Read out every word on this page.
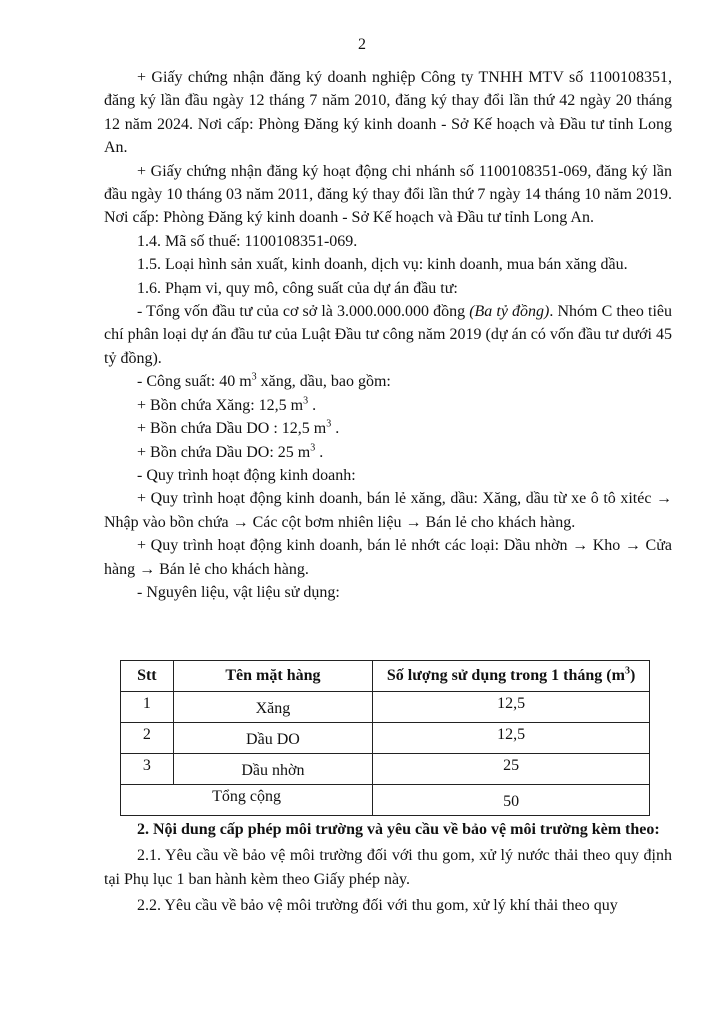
2

+ Giấy chứng nhận đăng ký doanh nghiệp Công ty TNHH MTV số 1100108351, đăng ký lần đầu ngày 12 tháng 7 năm 2010, đăng ký thay đổi lần thứ 42 ngày 20 tháng 12 năm 2024. Nơi cấp: Phòng Đăng ký kinh doanh - Sở Kế hoạch và Đầu tư tỉnh Long An.

+ Giấy chứng nhận đăng ký hoạt động chi nhánh số 1100108351-069, đăng ký lần đầu ngày 10 tháng 03 năm 2011, đăng ký thay đổi lần thứ 7 ngày 14 tháng 10 năm 2019. Nơi cấp: Phòng Đăng ký kinh doanh - Sở Kế hoạch và Đầu tư tỉnh Long An.

1.4. Mã số thuế: 1100108351-069.

1.5. Loại hình sản xuất, kinh doanh, dịch vụ: kinh doanh, mua bán xăng dầu.

1.6. Phạm vi, quy mô, công suất của dự án đầu tư:

- Tổng vốn đầu tư của cơ sở là 3.000.000.000 đồng (Ba tỷ đồng). Nhóm C theo tiêu chí phân loại dự án đầu tư của Luật Đầu tư công năm 2019 (dự án có vốn đầu tư dưới 45 tỷ đồng).

- Công suất: 40 $m^3$ xăng, dầu, bao gồm:

+ Bồn chứa Xăng: 12,5 $m^3$ .

+ Bồn chứa Dầu DO : 12,5 $m^3$ .

+ Bồn chứa Dầu DO: 25 $m^3$ .

- Quy trình hoạt động kinh doanh:

+ Quy trình hoạt động kinh doanh, bán lẻ xăng, dầu: Xăng, dầu từ xe ô tô xitéc → Nhập vào bồn chứa → Các cột bơm nhiên liệu → Bán lẻ cho khách hàng.

+ Quy trình hoạt động kinh doanh, bán lẻ nhớt các loại: Dầu nhờn → Kho → Cửa hàng → Bán lẻ cho khách hàng.

- Nguyên liệu, vật liệu sử dụng:

Stt	Tên mặt hàng	Số lượng sử dụng trong 1 tháng $(m^3)$

1	Xăng	12,5

2	Dầu DO	12,5

3	Dầu nhờn	25

Tổng cộng		50

2. Nội dung cấp phép môi trường và yêu cầu về bảo vệ môi trường kèm theo:

2.1. Yêu cầu về bảo vệ môi trường đối với thu gom, xử lý nước thải theo quy định tại Phụ lục 1 ban hành kèm theo Giấy phép này.

2.2. Yêu cầu về bảo vệ môi trường đối với thu gom, xử lý khí thải theo quy
